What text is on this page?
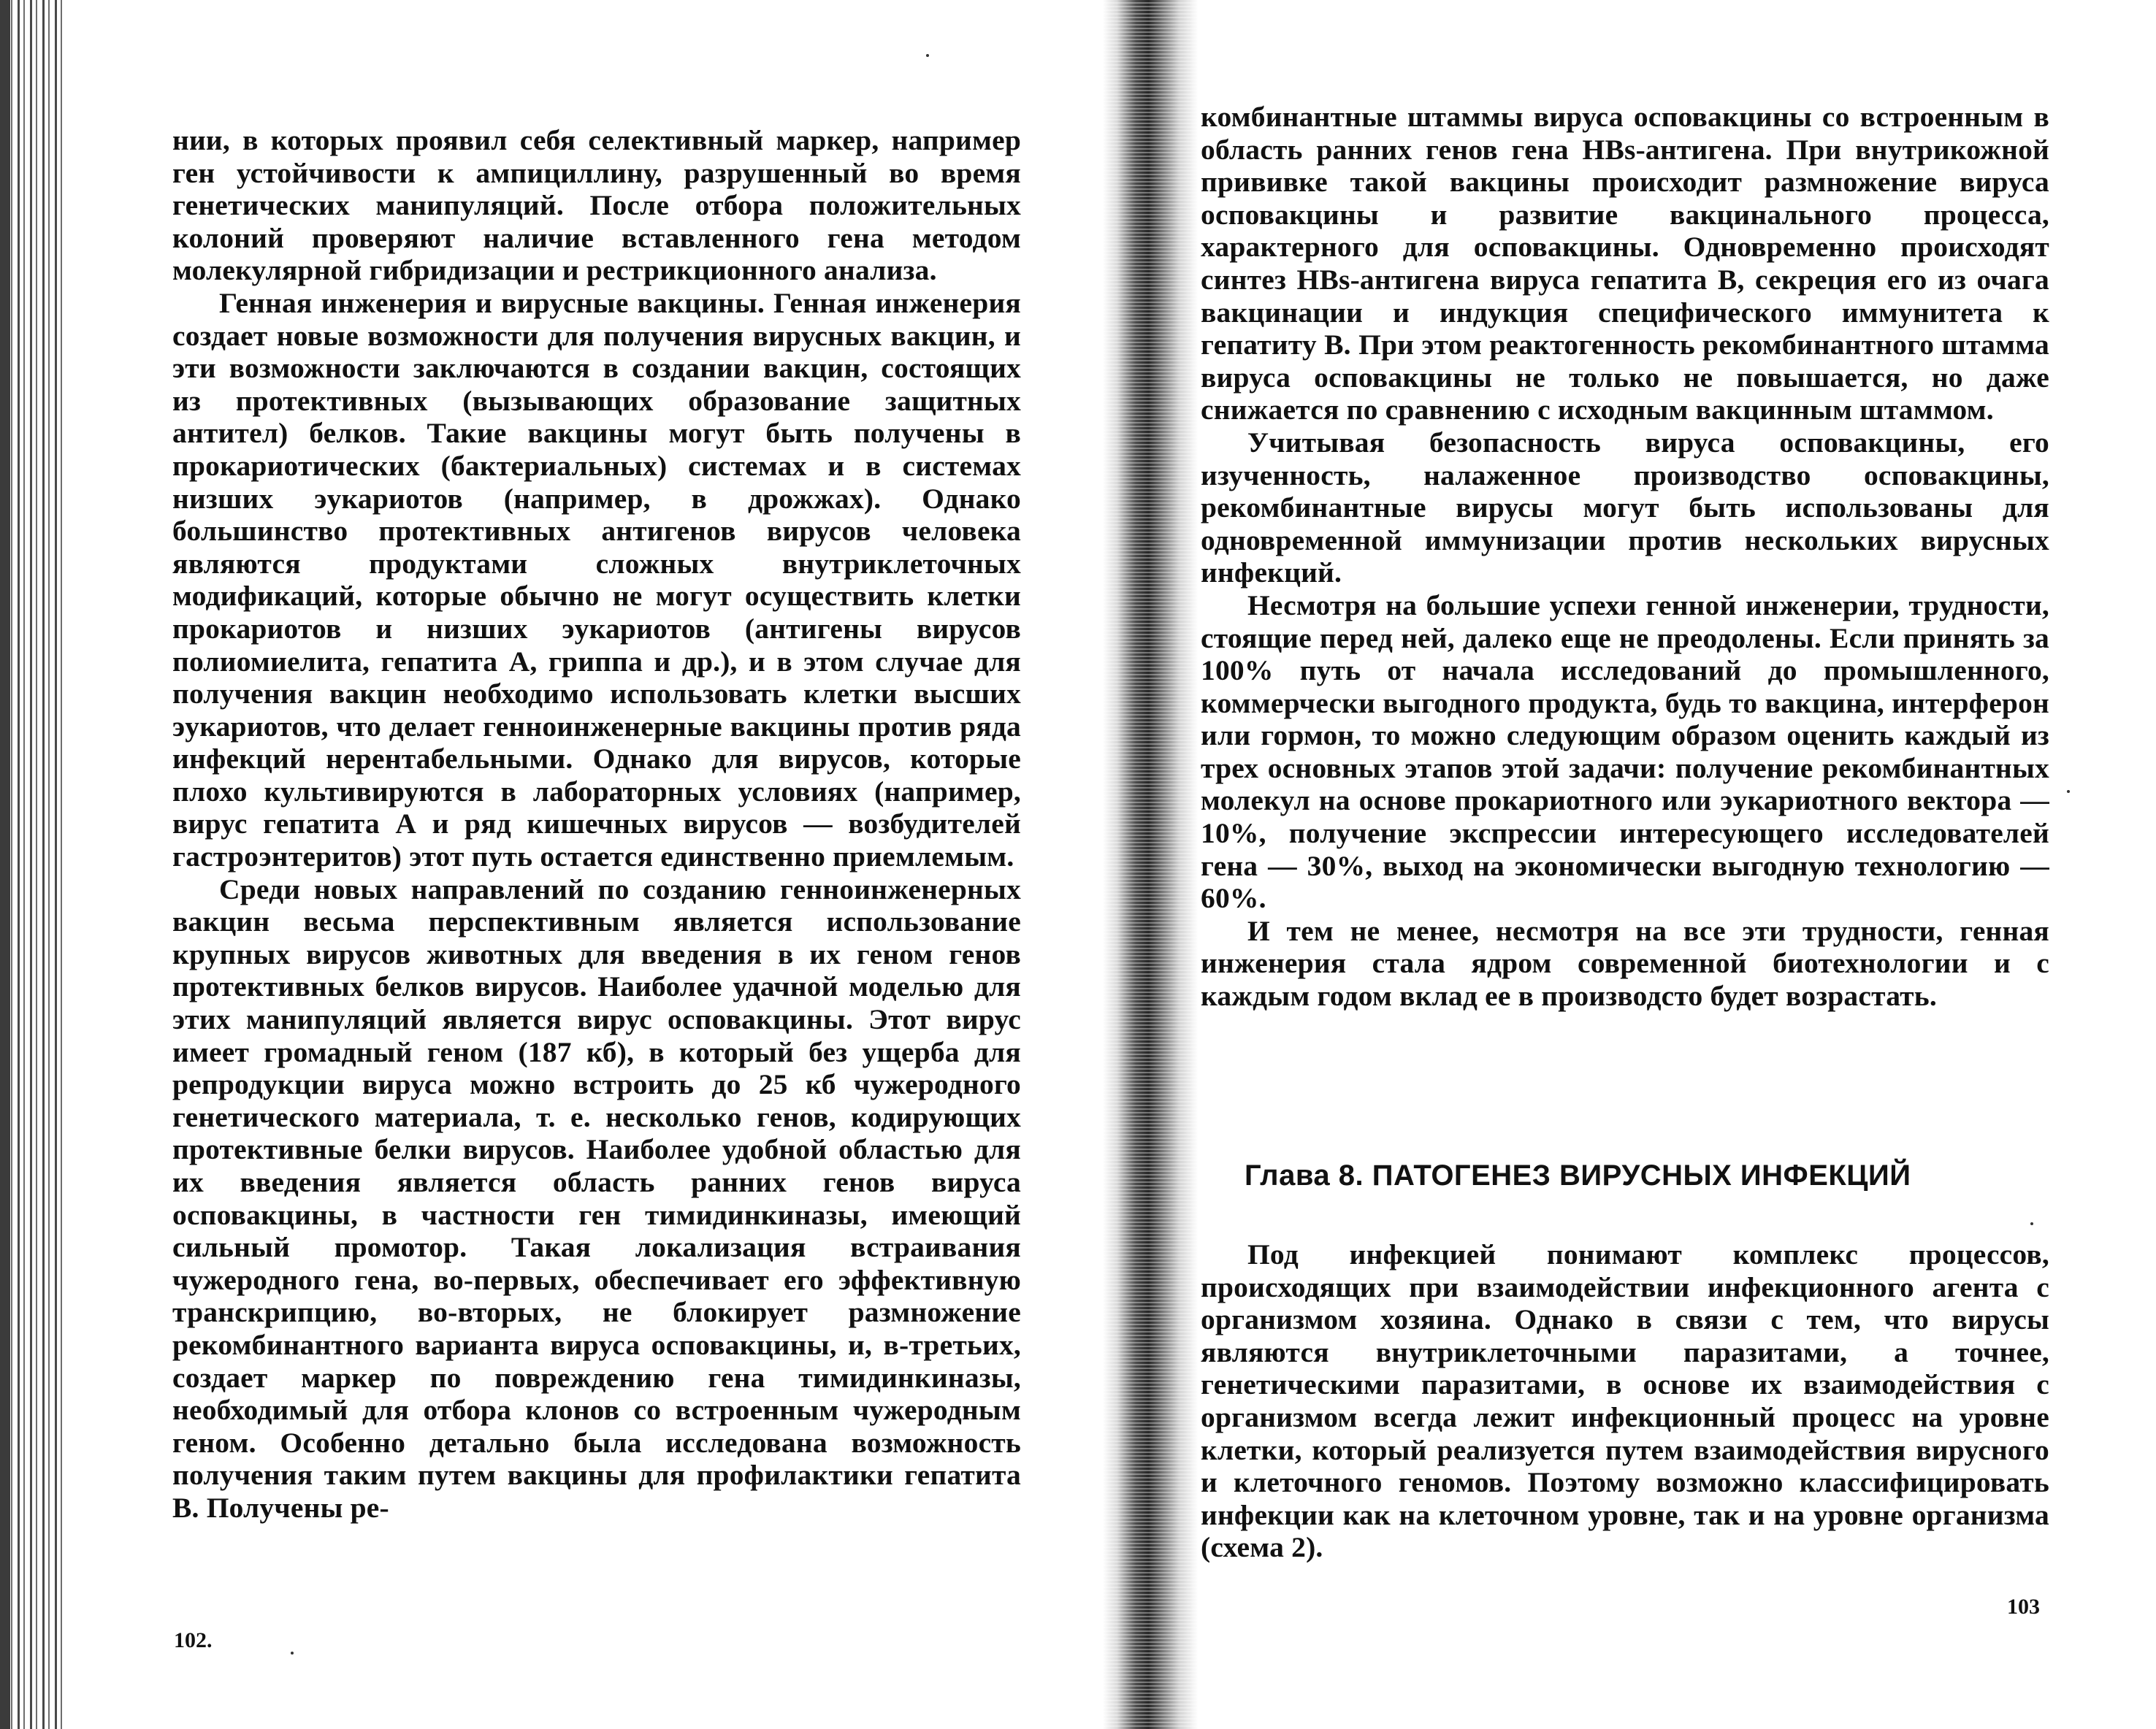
нии, в которых проявил себя селективный маркер, например ген устойчивости к ампициллину, разрушенный во время генетических манипуляций. После отбора положительных колоний проверяют наличие вставленного гена методом молекулярной гибридизации и рестрикционного анализа.

Генная инженерия и вирусные вакцины. Генная инженерия создает новые возможности для получения вирусных вакцин, и эти возможности заключаются в создании вакцин, состоящих из протективных (вызывающих образование защитных антител) белков. Такие вакцины могут быть получены в прокариотических (бактериальных) системах и в системах низших эукариотов (например, в дрожжах). Однако большинство протективных антигенов вирусов человека являются продуктами сложных внутриклеточных модификаций, которые обычно не могут осуществить клетки прокариотов и низших эукариотов (антигены вирусов полиомиелита, гепатита А, гриппа и др.), и в этом случае для получения вакцин необходимо использовать клетки высших эукариотов, что делает генноинженерные вакцины против ряда инфекций нерентабельными. Однако для вирусов, которые плохо культивируются в лабораторных условиях (например, вирус гепатита А и ряд кишечных вирусов — возбудителей гастроэнтеритов) этот путь остается единственно приемлемым.

Среди новых направлений по созданию генноинженерных вакцин весьма перспективным является использование крупных вирусов животных для введения в их геном генов протективных белков вирусов. Наиболее удачной моделью для этих манипуляций является вирус осповакцины. Этот вирус имеет громадный геном (187 кб), в который без ущерба для репродукции вируса можно встроить до 25 кб чужеродного генетического материала, т. е. несколько генов, кодирующих протективные белки вирусов. Наиболее удобной областью для их введения является область ранних генов вируса осповакцины, в частности ген тимидинкиназы, имеющий сильный промотор. Такая локализация встраивания чужеродного гена, во-первых, обеспечивает его эффективную транскрипцию, во-вторых, не блокирует размножение рекомбинантного варианта вируса осповакцины, и, в-третьих, создает маркер по повреждению гена тимидинкиназы, необходимый для отбора клонов со встроенным чужеродным геном. Особенно детально была исследована возможность получения таким путем вакцины для профилактики гепатита В. Получены ре-

102.

комбинантные штаммы вируса осповакцины со встроенным в область ранних генов гена HBs-антигена. При внутрикожной прививке такой вакцины происходит размножение вируса осповакцины и развитие вакцинального процесса, характерного для осповакцины. Одновременно происходят синтез HBs-антигена вируса гепатита В, секреция его из очага вакцинации и индукция специфического иммунитета к гепатиту В. При этом реактогенность рекомбинантного штамма вируса осповакцины не только не повышается, но даже снижается по сравнению с исходным вакцинным штаммом.

Учитывая безопасность вируса осповакцины, его изученность, налаженное производство осповакцины, рекомбинантные вирусы могут быть использованы для одновременной иммунизации против нескольких вирусных инфекций.

Несмотря на большие успехи генной инженерии, трудности, стоящие перед ней, далеко еще не преодолены. Если принять за 100% путь от начала исследований до промышленного, коммерчески выгодного продукта, будь то вакцина, интерферон или гормон, то можно следующим образом оценить каждый из трех основных этапов этой задачи: получение рекомбинантных молекул на основе прокариотного или эукариотного вектора — 10%, получение экспрессии интересующего исследователей гена — 30%, выход на экономически выгодную технологию — 60%.

И тем не менее, несмотря на все эти трудности, генная инженерия стала ядром современной биотехнологии и с каждым годом вклад ее в производсто будет возрастать.

Глава 8. ПАТОГЕНЕЗ ВИРУСНЫХ ИНФЕКЦИЙ

Под инфекцией понимают комплекс процессов, происходящих при взаимодействии инфекционного агента с организмом хозяина. Однако в связи с тем, что вирусы являются внутриклеточными паразитами, а точнее, генетическими паразитами, в основе их взаимодействия с организмом всегда лежит инфекционный процесс на уровне клетки, который реализуется путем взаимодействия вирусного и клеточного геномов. Поэтому возможно классифицировать инфекции как на клеточном уровне, так и на уровне организма (схема 2).

103
